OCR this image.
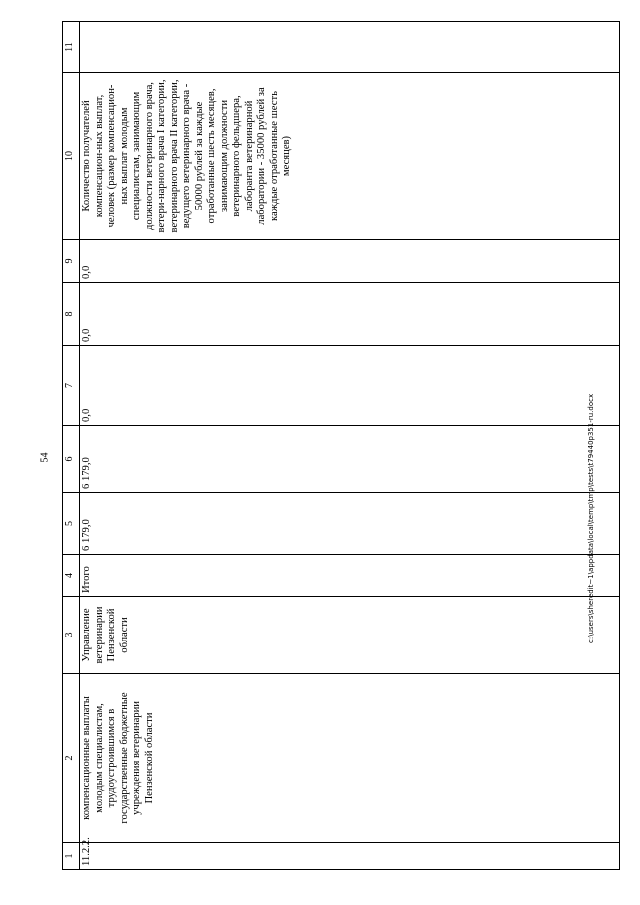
54
1	2	3	4	5	6	7	8	9	10	11
11.2.2.	компенсационные выплаты молодым специалистам, трудоустроившимся в государственные бюджетные учреждения ветеринарии Пензенской области	Управление ветеринарии Пензенской области	Итого	6 179,0	6 179,0	0,0	0,0	0,0	Количество получателей компенсацион-ных выплат, человек (размер компенсацион-ных выплат молодым специалистам, занимающим должности ветеринарного врача, ветери-нарного врача I категории, ветеринарного врача II категории, ведущего ветеринарного врача - 50000 рублей за каждые отработанные шесть месяцев, занимающим должности ветеринарного фельдшера, лаборанта ветеринарной лаборатории - 35000 рублей за каждые отработанные шесть месяцев)	
c:\users\sheredit~1\appdata\local\temp\tmp\tests\t79440p351-ru.docx
